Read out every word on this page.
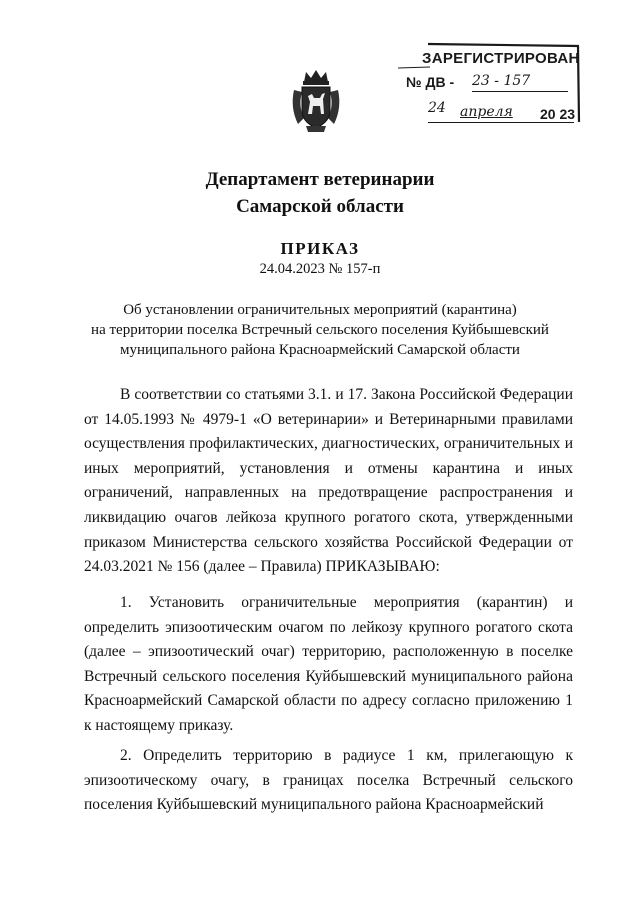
ЗАРЕГИСТРИРОВАН
№ ДВ - 23 - 157
24 апреля 20 23
Департамент ветеринарии
Самарской области
ПРИКАЗ
24.04.2023 № 157-п
Об установлении ограничительных мероприятий (карантина)
на территории поселка Встречный сельского поселения Куйбышевский
муниципального района Красноармейский Самарской области
В соответствии со статьями 3.1. и 17. Закона Российской Федерации от 14.05.1993 № 4979-1 «О ветеринарии» и Ветеринарными правилами осуществления профилактических, диагностических, ограничительных и иных мероприятий, установления и отмены карантина и иных ограничений, направленных на предотвращение распространения и ликвидацию очагов лейкоза крупного рогатого скота, утвержденными приказом Министерства сельского хозяйства Российской Федерации от 24.03.2021 № 156 (далее – Правила) ПРИКАЗЫВАЮ:
1. Установить ограничительные мероприятия (карантин) и определить эпизоотическим очагом по лейкозу крупного рогатого скота (далее – эпизоотический очаг) территорию, расположенную в поселке Встречный сельского поселения Куйбышевский муниципального района Красноармейский Самарской области по адресу согласно приложению 1 к настоящему приказу.
2. Определить территорию в радиусе 1 км, прилегающую к эпизоотическому очагу, в границах поселка Встречный сельского поселения Куйбышевский муниципального района Красноармейский
